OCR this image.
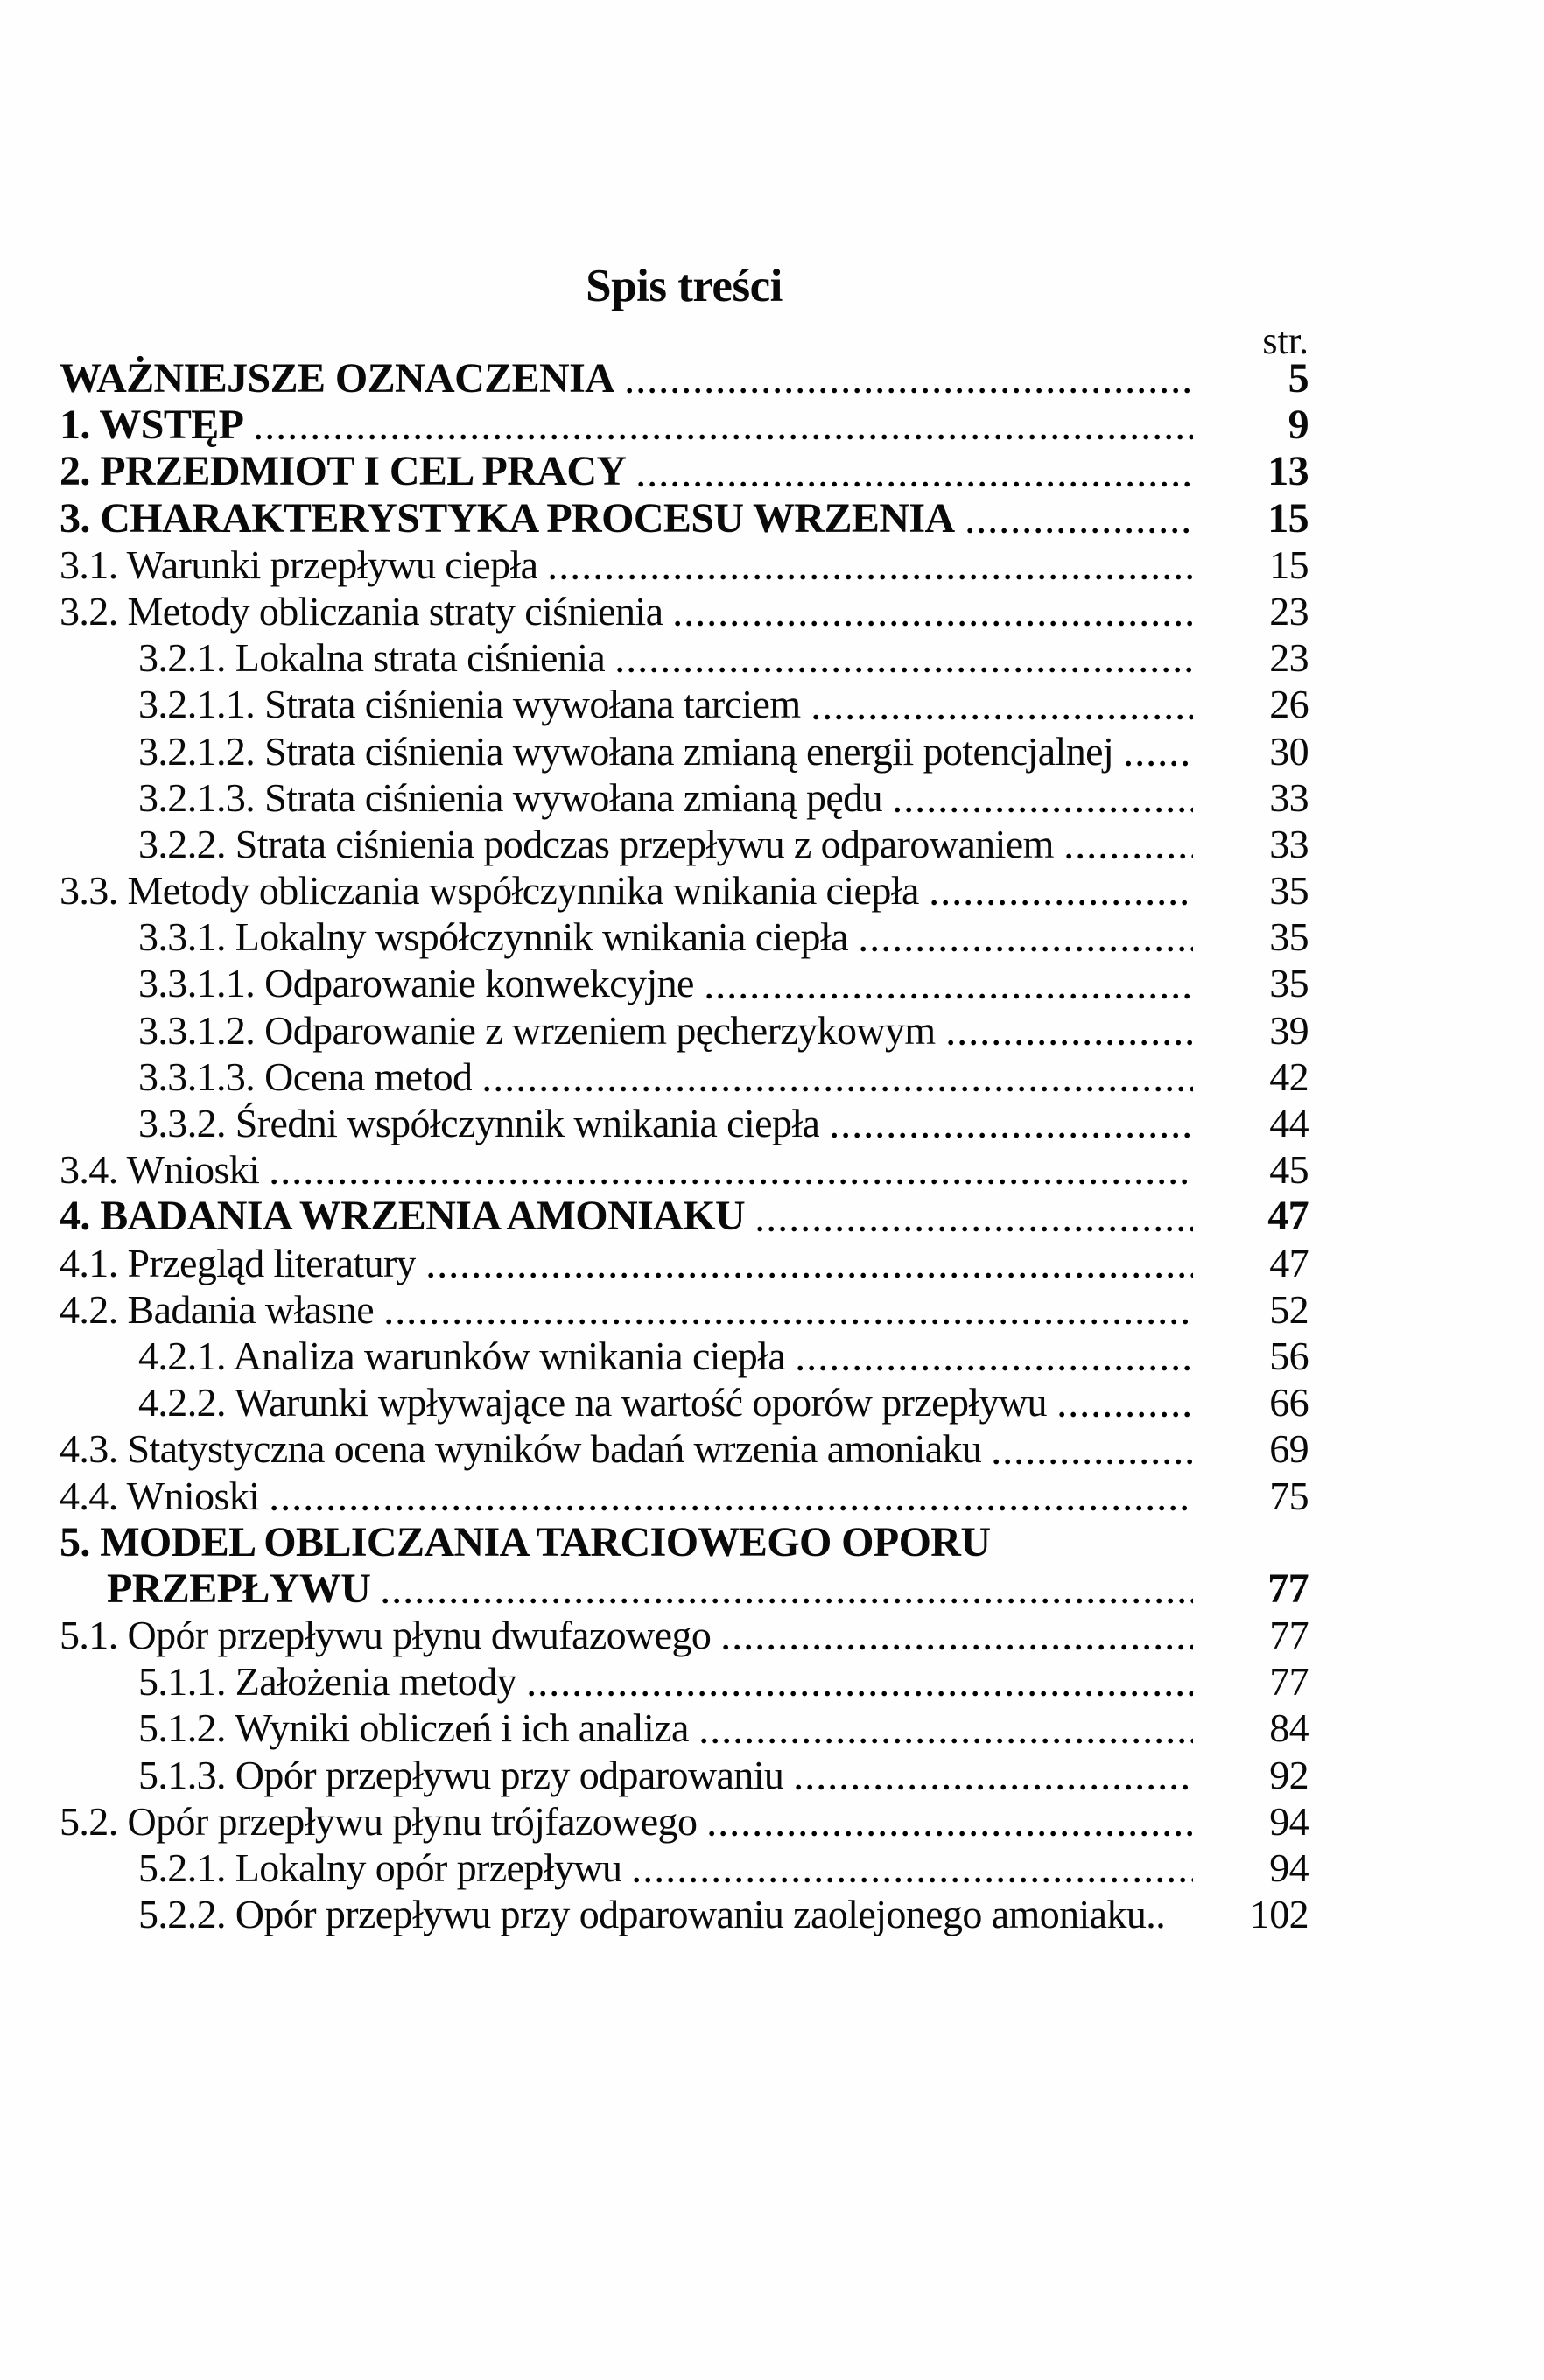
Spis treści
str.
WAŻNIEJSZE OZNACZENIA	5
1. WSTĘP	9
2. PRZEDMIOT I CEL PRACY	13
3. CHARAKTERYSTYKA PROCESU WRZENIA	15
3.1. Warunki przepływu ciepła	15
3.2. Metody obliczania straty ciśnienia	23
3.2.1. Lokalna strata ciśnienia	23
3.2.1.1. Strata ciśnienia wywołana tarciem	26
3.2.1.2. Strata ciśnienia wywołana zmianą energii potencjalnej	30
3.2.1.3. Strata ciśnienia wywołana zmianą pędu	33
3.2.2. Strata ciśnienia podczas przepływu z odparowaniem	33
3.3. Metody obliczania współczynnika wnikania ciepła	35
3.3.1. Lokalny współczynnik wnikania ciepła	35
3.3.1.1. Odparowanie konwekcyjne	35
3.3.1.2. Odparowanie z wrzeniem pęcherzykowym	39
3.3.1.3. Ocena metod	42
3.3.2. Średni współczynnik wnikania ciepła	44
3.4. Wnioski	45
4. BADANIA WRZENIA AMONIAKU	47
4.1. Przegląd literatury	47
4.2. Badania własne	52
4.2.1. Analiza warunków wnikania ciepła	56
4.2.2. Warunki wpływające na wartość oporów przepływu	66
4.3. Statystyczna ocena wyników badań wrzenia amoniaku	69
4.4. Wnioski	75
5. MODEL OBLICZANIA TARCIOWEGO OPORU
PRZEPŁYWU	77
5.1. Opór przepływu płynu dwufazowego	77
5.1.1. Założenia metody	77
5.1.2. Wyniki obliczeń i ich analiza	84
5.1.3. Opór przepływu przy odparowaniu	92
5.2. Opór przepływu płynu trójfazowego	94
5.2.1. Lokalny opór przepływu	94
5.2.2. Opór przepływu przy odparowaniu zaolejonego amoniaku..	102
